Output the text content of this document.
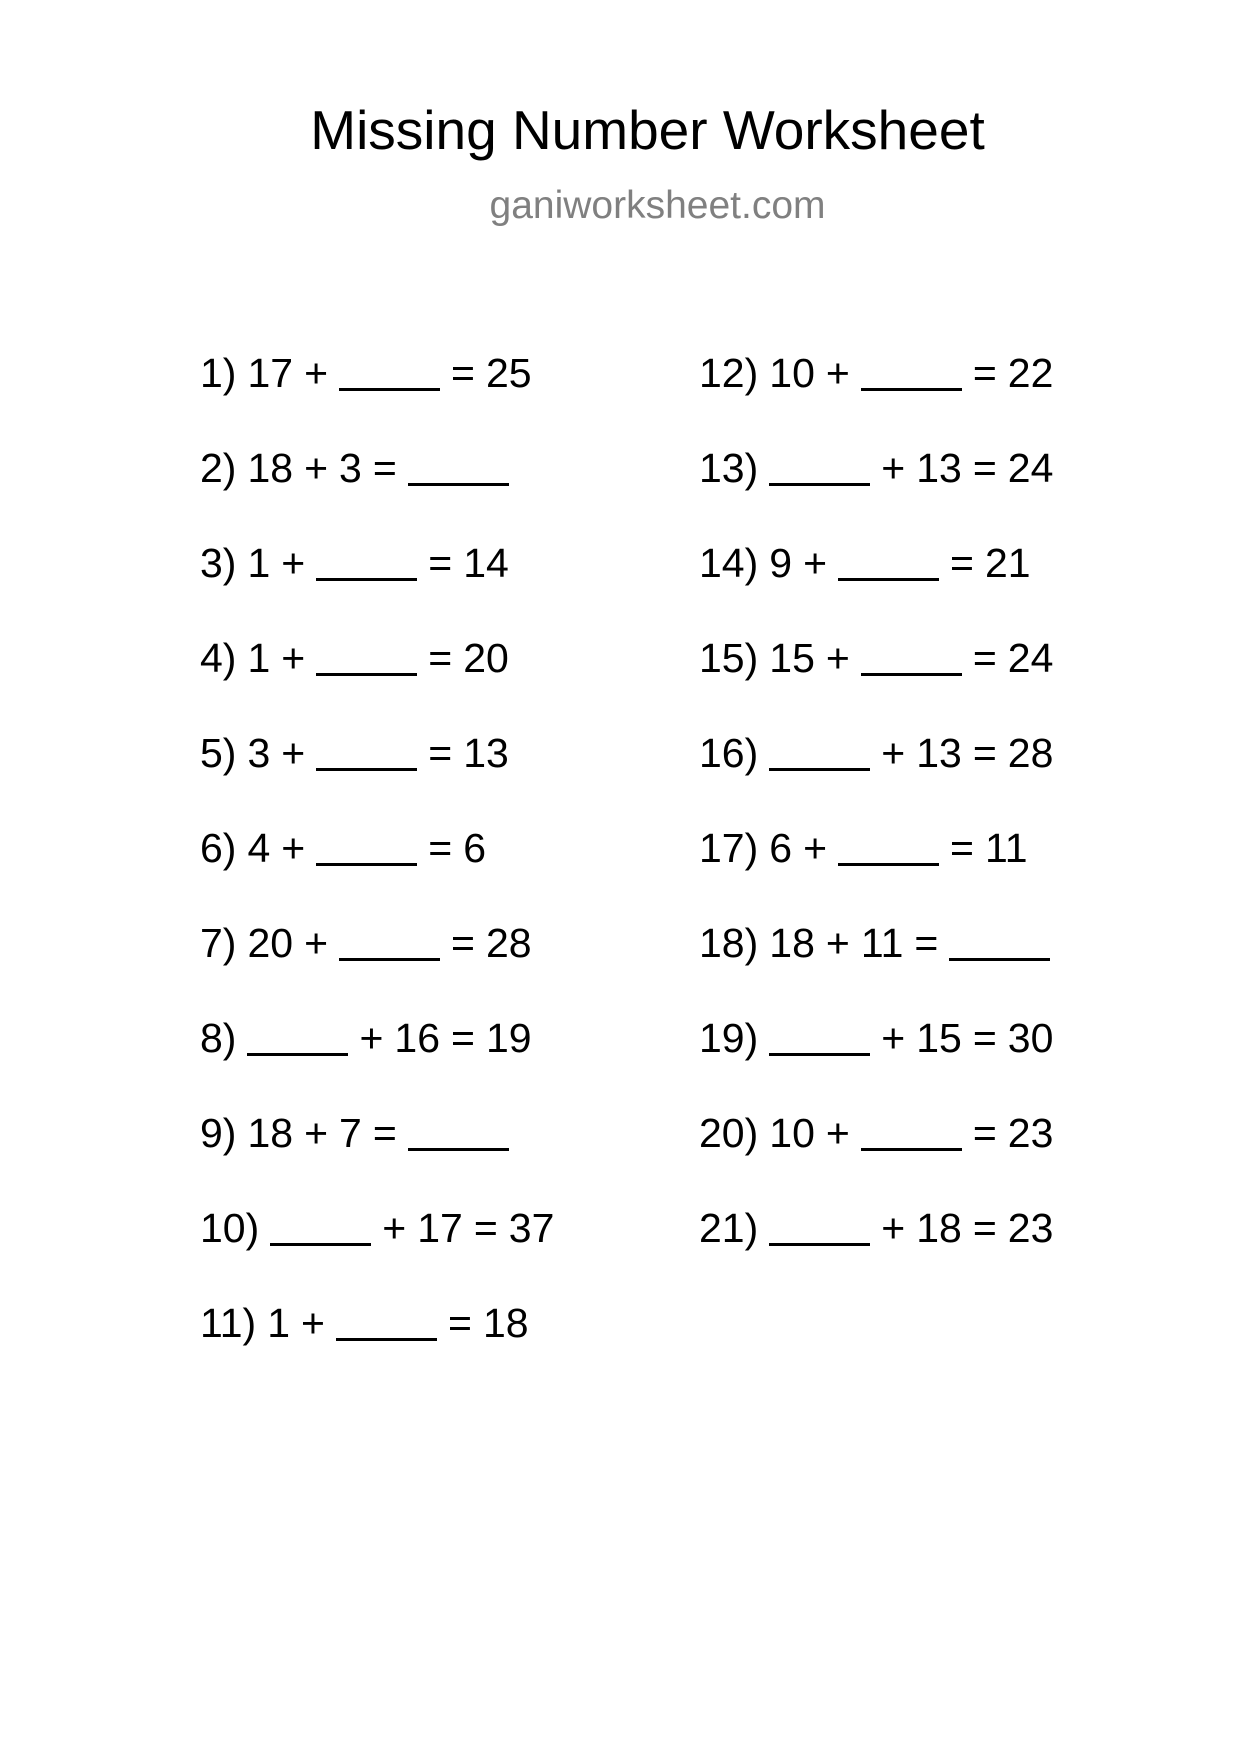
Missing Number Worksheet
ganiworksheet.com
1) 17 +	= 25
2) 18 + 3 =
3) 1 +	= 14
4) 1 +	= 20
5) 3 +	= 13
6) 4 +	= 6
7) 20 +	= 28
8)	+ 16 = 19
9) 18 + 7 =
10)	+ 17 = 37
11) 1 +	= 18
12) 10 +	= 22
13)	+ 13 = 24
14) 9 +	= 21
15) 15 +	= 24
16)	+ 13 = 28
17) 6 +	= 11
18) 18 + 11 =
19)	+ 15 = 30
20) 10 +	= 23
21)	+ 18 = 23
